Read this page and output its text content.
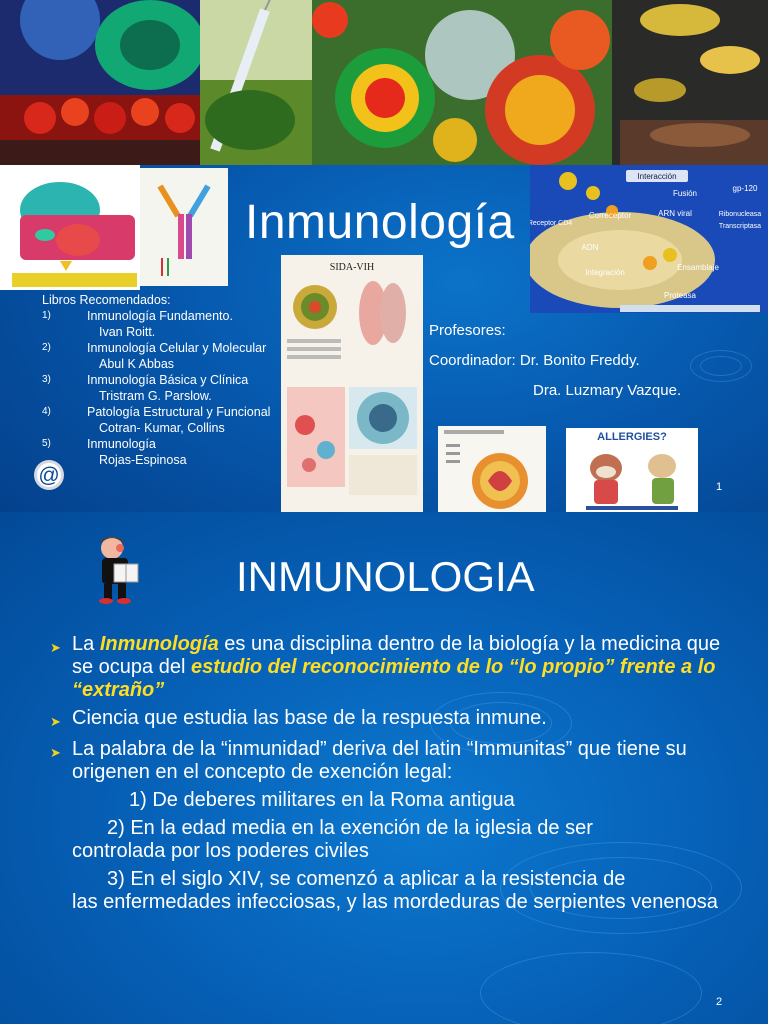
Inmunología
Interacción
gp-120
Fusión
ARN viral
Receptor CD4
Correceptor	Ribonucleasa
Transcriptasa
Integración
Ensamblaje
Proteasa
ADN
SIDA-VIH
Libros Recomendados:
1)	Inmunología Fundamento.
Ivan Roitt.
2)	Inmunología Celular y Molecular
Abul K Abbas
3)	Inmunología Básica y Clínica
Tristram G. Parslow.
4)	Patología Estructural y Funcional
Cotran- Kumar, Collins
5)	Inmunología
Rojas-Espinosa
@
Profesores:
Coordinador: Dr. Bonito Freddy.
Dra. Luzmary Vazque.
ALLERGIES?
1
INMUNOLOGIA
➤ La Inmunología es una disciplina dentro de la biología y la medicina que se ocupa del estudio del reconocimiento de lo “lo propio” frente a lo “extraño”
➤ Ciencia que estudia las base de la respuesta inmune.
➤ La palabra de la “inmunidad” deriva del latin “Immunitas” que tiene su origenen en el concepto de exención legal:
1) De deberes militares en la Roma antigua
2) En la edad media en la exención de la iglesia de ser
controlada por los poderes civiles
3) En el siglo XIV, se comenzó a aplicar a la resistencia de
las enfermedades infecciosas, y las mordeduras de serpientes venenosa
2
